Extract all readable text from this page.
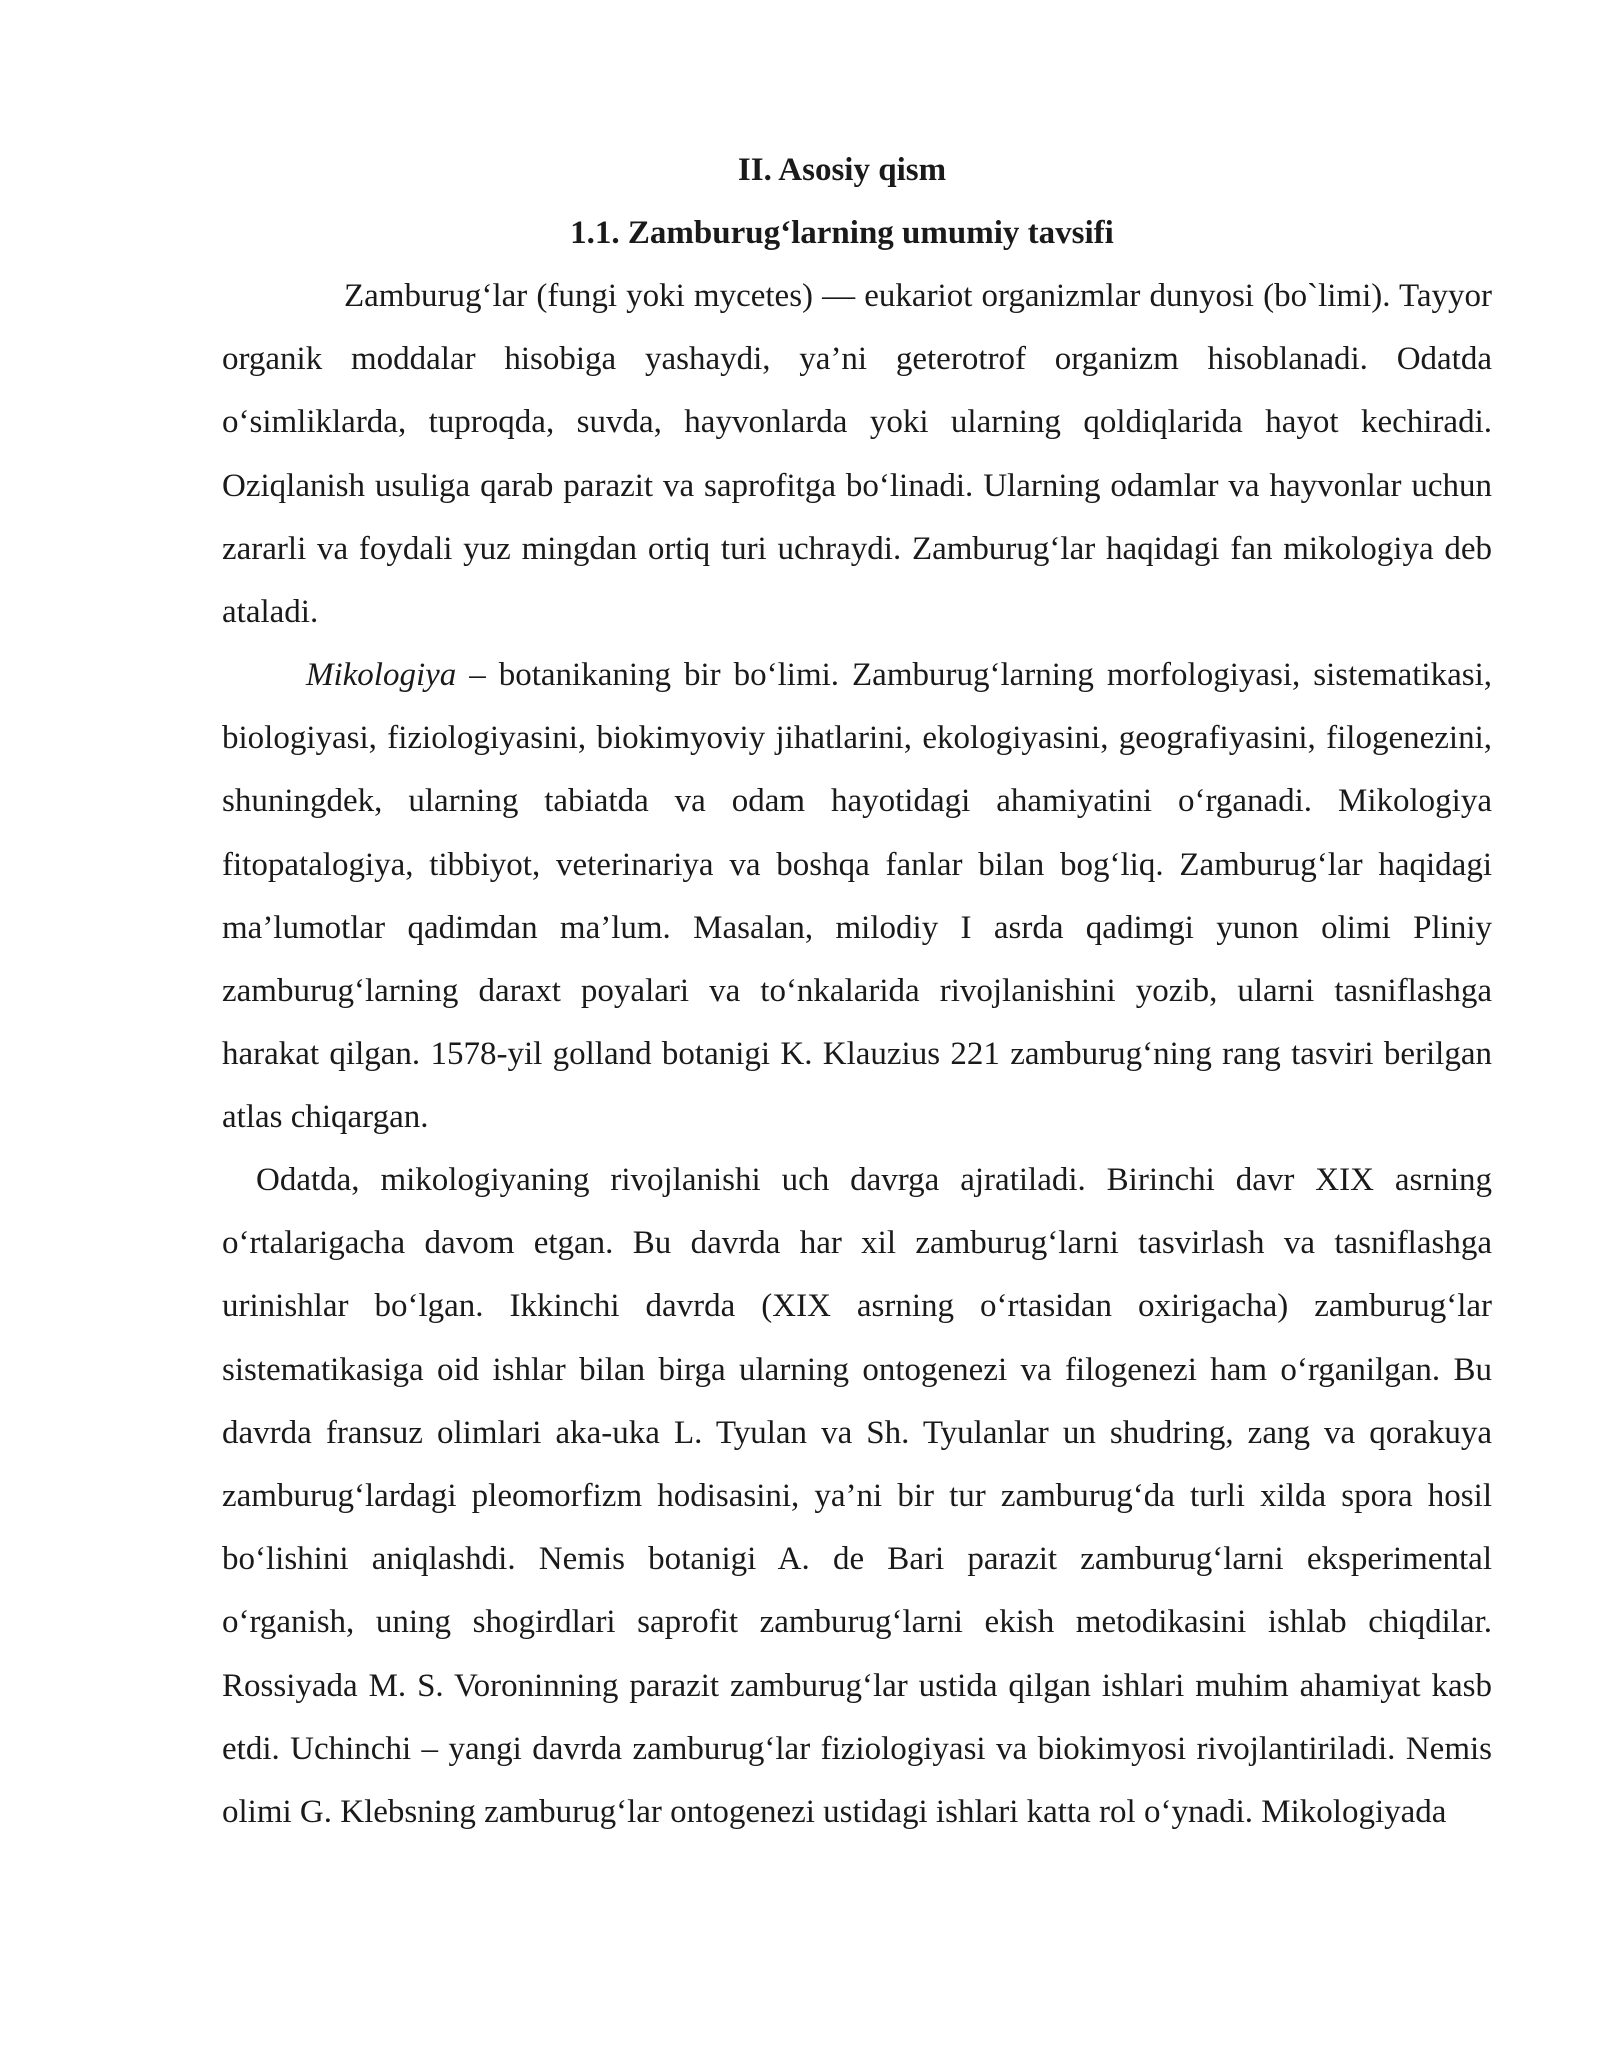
II. Asosiy qism
1.1. Zamburug‘larning umumiy tavsifi

Zamburug‘lar (fungi yoki mycetes) — eukariot organizmlar dunyosi (bo`limi). Tayyor organik moddalar hisobiga yashaydi, ya’ni geterotrof organizm hisoblanadi. Odatda o‘simliklarda, tuproqda, suvda, hayvonlarda yoki ularning qoldiqlarida hayot kechiradi. Oziqlanish usuliga qarab parazit va saprofitga bo‘linadi. Ularning odamlar va hayvonlar uchun zararli va foydali yuz mingdan ortiq turi uchraydi. Zamburug‘lar haqidagi fan mikologiya deb ataladi.

Mikologiya – botanikaning bir bo‘limi. Zamburug‘larning morfologiyasi, sistematikasi, biologiyasi, fiziologiyasini, biokimyoviy jihatlarini, ekologiyasini, geografiyasini, filogenezini, shuningdek, ularning tabiatda va odam hayotidagi ahamiyatini o‘rganadi. Mikologiya fitopatalogiya, tibbiyot, veterinariya va boshqa fanlar bilan bog‘liq. Zamburug‘lar haqidagi ma’lumotlar qadimdan ma’lum. Masalan, milodiy I asrda qadimgi yunon olimi Pliniy zamburug‘larning daraxt poyalari va to‘nkalarida rivojlanishini yozib, ularni tasniflashga harakat qilgan. 1578-yil golland botanigi K. Klauzius 221 zamburug‘ning rang tasviri berilgan atlas chiqargan.

Odatda, mikologiyaning rivojlanishi uch davrga ajratiladi. Birinchi davr XIX asrning o‘rtalarigacha davom etgan. Bu davrda har xil zamburug‘larni tasvirlash va tasniflashga urinishlar bo‘lgan. Ikkinchi davrda (XIX asrning o‘rtasidan oxirigacha) zamburug‘lar sistematikasiga oid ishlar bilan birga ularning ontogenezi va filogenezi ham o‘rganilgan. Bu davrda fransuz olimlari aka-uka L. Tyulan va Sh. Tyulanlar un shudring, zang va qorakuya zamburug‘lardagi pleomorfizm hodisasini, ya’ni bir tur zamburug‘da turli xilda spora hosil bo‘lishini aniqlashdi. Nemis botanigi A. de Bari parazit zamburug‘larni eksperimental o‘rganish, uning shogirdlari saprofit zamburug‘larni ekish metodikasini ishlab chiqdilar. Rossiyada M. S. Voroninning parazit zamburug‘lar ustida qilgan ishlari muhim ahamiyat kasb etdi. Uchinchi – yangi davrda zamburug‘lar fiziologiyasi va biokimyosi rivojlantiriladi. Nemis olimi G. Klebsning zamburug‘lar ontogenezi ustidagi ishlari katta rol o‘ynadi. Mikologiyada
